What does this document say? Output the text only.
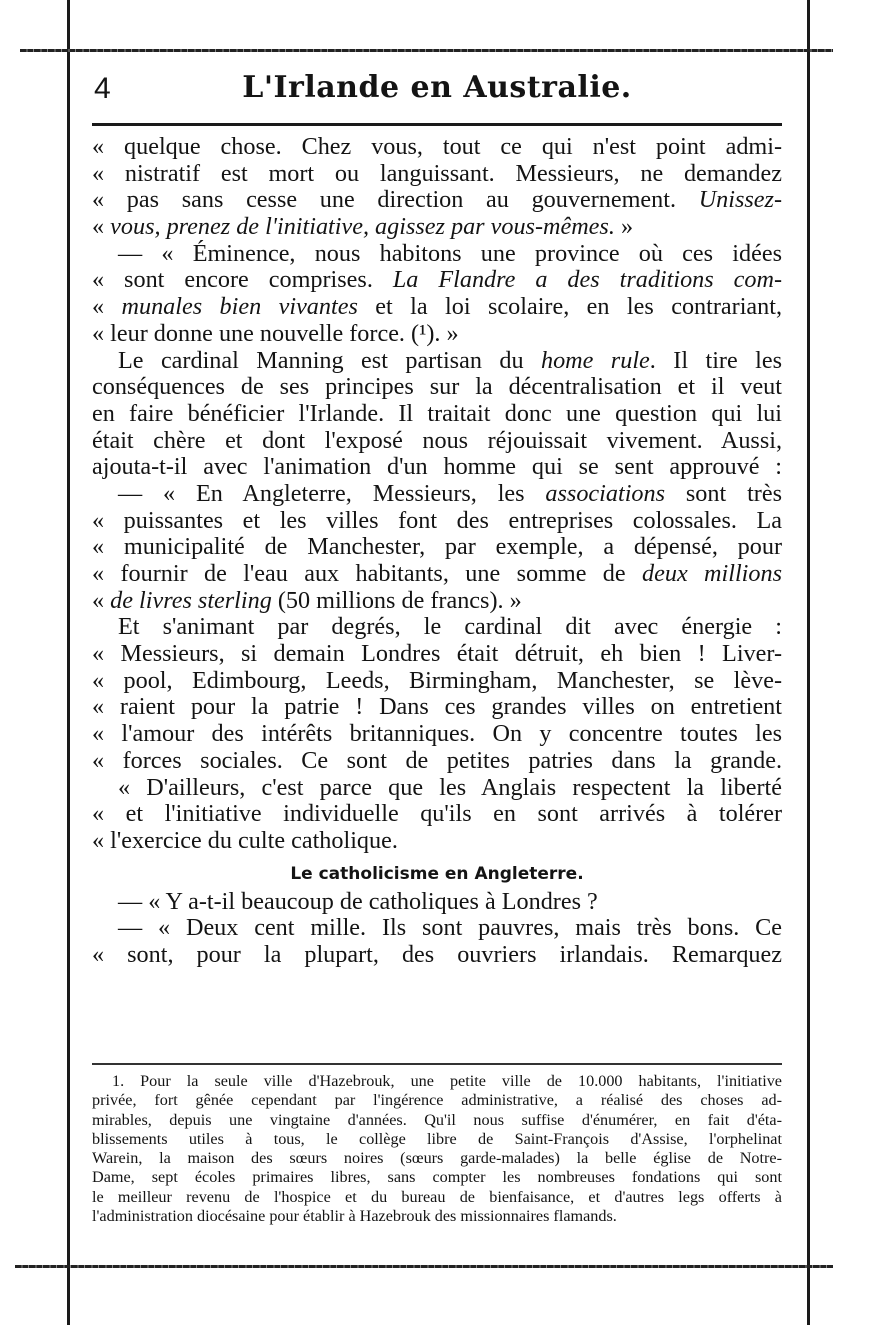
4	L'Irlande en Australie.
« quelque chose. Chez vous, tout ce qui n'est point admi-
« nistratif est mort ou languissant. Messieurs, ne demandez
« pas sans cesse une direction au gouvernement. Unissez-
« vous, prenez de l'initiative, agissez par vous-mêmes. »
— « Éminence, nous habitons une province où ces idées
« sont encore comprises. La Flandre a des traditions com-
« munales bien vivantes et la loi scolaire, en les contrariant,
« leur donne une nouvelle force. (¹). »
Le cardinal Manning est partisan du home rule. Il tire les
conséquences de ses principes sur la décentralisation et il veut
en faire bénéficier l'Irlande. Il traitait donc une question qui lui
était chère et dont l'exposé nous réjouissait vivement. Aussi,
ajouta-t-il avec l'animation d'un homme qui se sent approuvé :
— « En Angleterre, Messieurs, les associations sont très
« puissantes et les villes font des entreprises colossales. La
« municipalité de Manchester, par exemple, a dépensé, pour
« fournir de l'eau aux habitants, une somme de deux millions
« de livres sterling (50 millions de francs). »
Et s'animant par degrés, le cardinal dit avec énergie :
« Messieurs, si demain Londres était détruit, eh bien ! Liver-
« pool, Edimbourg, Leeds, Birmingham, Manchester, se lève-
« raient pour la patrie ! Dans ces grandes villes on entretient
« l'amour des intérêts britanniques. On y concentre toutes les
« forces sociales. Ce sont de petites patries dans la grande.
« D'ailleurs, c'est parce que les Anglais respectent la liberté
« et l'initiative individuelle qu'ils en sont arrivés à tolérer
« l'exercice du culte catholique.
Le catholicisme en Angleterre.
— « Y a-t-il beaucoup de catholiques à Londres ?
— « Deux cent mille. Ils sont pauvres, mais très bons. Ce
« sont, pour la plupart, des ouvriers irlandais. Remarquez
1. Pour la seule ville d'Hazebrouk, une petite ville de 10.000 habitants, l'initiative
privée, fort gênée cependant par l'ingérence administrative, a réalisé des choses ad-
mirables, depuis une vingtaine d'années. Qu'il nous suffise d'énumérer, en fait d'éta-
blissements utiles à tous, le collège libre de Saint-François d'Assise, l'orphelinat
Warein, la maison des sœurs noires (sœurs garde-malades) la belle église de Notre-
Dame, sept écoles primaires libres, sans compter les nombreuses fondations qui sont
le meilleur revenu de l'hospice et du bureau de bienfaisance, et d'autres legs offerts à
l'administration diocésaine pour établir à Hazebrouk des missionnaires flamands.
